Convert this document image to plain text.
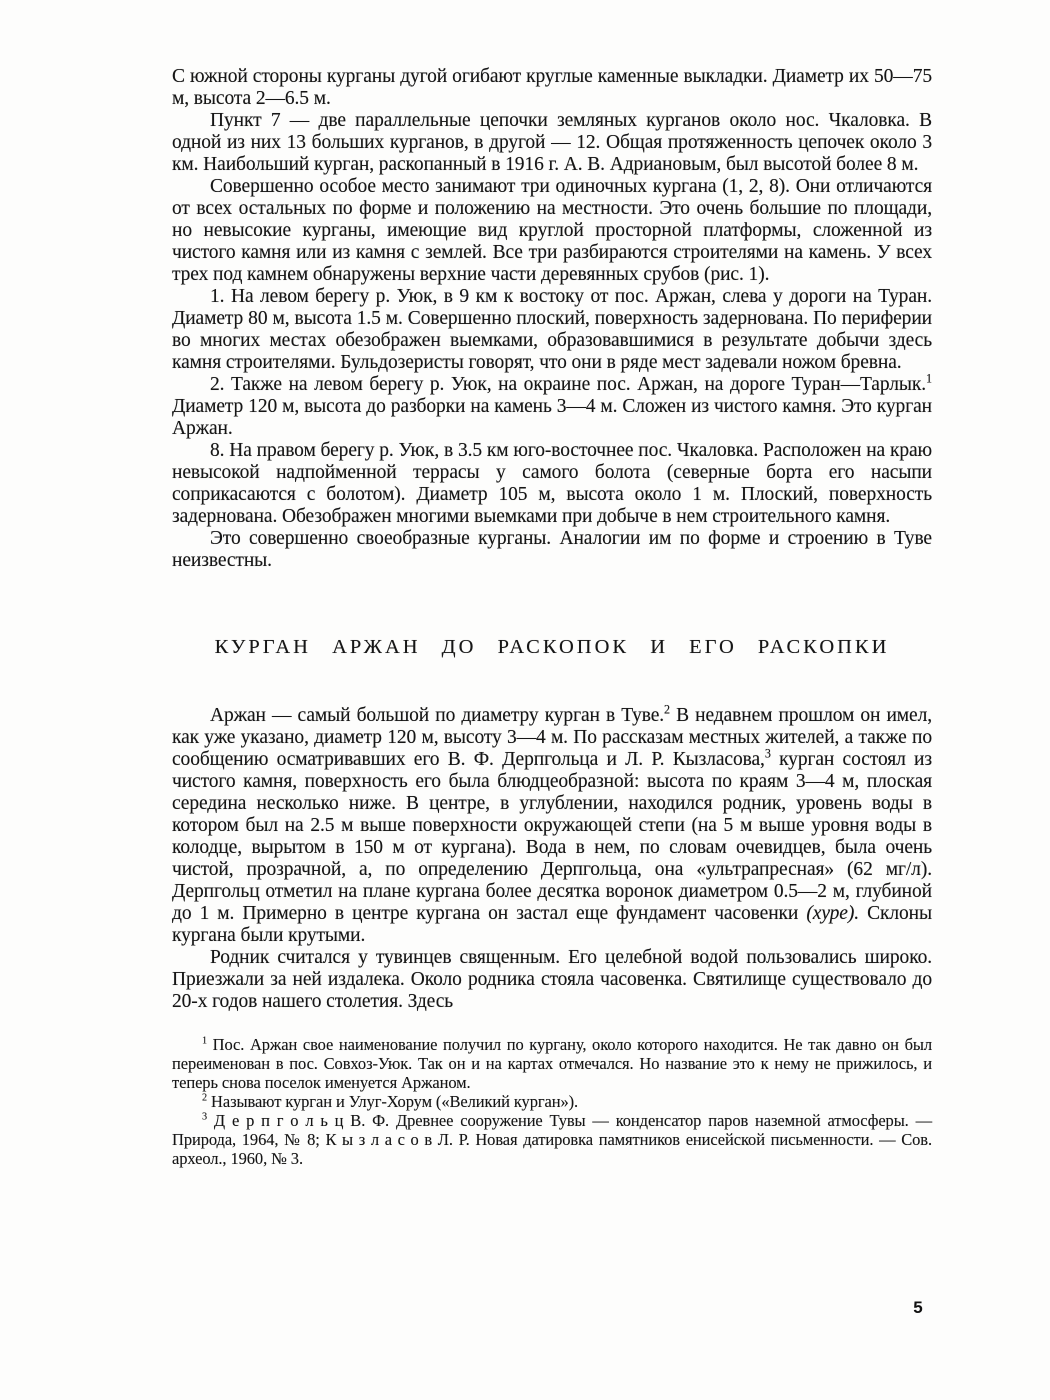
С южной стороны курганы дугой огибают круглые каменные выкладки. Диаметр их 50—75 м, высота 2—6.5 м.

Пункт 7 — две параллельные цепочки земляных курганов около нос. Чкаловка. В одной из них 13 больших курганов, в другой — 12. Общая протяженность цепочек около 3 км. Наибольший курган, раскопанный в 1916 г. А. В. Адриановым, был высотой более 8 м.

Совершенно особое место занимают три одиночных кургана (1, 2, 8). Они отличаются от всех остальных по форме и положению на местности. Это очень большие по площади, но невысокие курганы, имеющие вид круглой просторной платформы, сложенной из чистого камня или из камня с землей. Все три разбираются строителями на камень. У всех трех под камнем обнаружены верхние части деревянных срубов (рис. 1).

1. На левом берегу р. Уюк, в 9 км к востоку от пос. Аржан, слева у дороги на Туран. Диаметр 80 м, высота 1.5 м. Совершенно плоский, поверхность задернована. По периферии во многих местах обезображен выемками, образовавшимися в результате добычи здесь камня строителями. Бульдозеристы говорят, что они в ряде мест задевали ножом бревна.

2. Также на левом берегу р. Уюк, на окраине пос. Аржан, на дороге Туран—Тарлык.$^1$ Диаметр 120 м, высота до разборки на камень 3—4 м. Сложен из чистого камня. Это курган Аржан.

8. На правом берегу р. Уюк, в 3.5 км юго-восточнее пос. Чкаловка. Расположен на краю невысокой надпойменной террасы у самого болота (северные борта его насыпи соприкасаются с болотом). Диаметр 105 м, высота около 1 м. Плоский, поверхность задернована. Обезображен многими выемками при добыче в нем строительного камня.

Это совершенно своеобразные курганы. Аналогии им по форме и строению в Туве неизвестны.

КУРГАН АРЖАН ДО РАСКОПОК И ЕГО РАСКОПКИ

Аржан — самый большой по диаметру курган в Туве.$^2$ В недавнем прошлом он имел, как уже указано, диаметр 120 м, высоту 3—4 м. По рассказам местных жителей, а также по сообщению осматривавших его В. Ф. Дерпгольца и Л. Р. Кызласова,$^3$ курган состоял из чистого камня, поверхность его была блюдцеобразной: высота по краям 3—4 м, плоская середина несколько ниже. В центре, в углублении, находился родник, уровень воды в котором был на 2.5 м выше поверхности окружающей степи (на 5 м выше уровня воды в колодце, вырытом в 150 м от кургана). Вода в нем, по словам очевидцев, была очень чистой, прозрачной, а, по определению Дерпгольца, она «ультрапресная» (62 мг/л). Дерпгольц отметил на плане кургана более десятка воронок диаметром 0.5—2 м, глубиной до 1 м. Примерно в центре кургана он застал еще фундамент часовенки (хуре). Склоны кургана были крутыми.

Родник считался у тувинцев священным. Его целебной водой пользовались широко. Приезжали за ней издалека. Около родника стояла часовенка. Святилище существовало до 20-х годов нашего столетия. Здесь

$^1$ Пос. Аржан свое наименование получил по кургану, около которого находится. Не так давно он был переименован в пос. Совхоз-Уюк. Так он и на картах отмечался. Но название это к нему не прижилось, и теперь снова поселок именуется Аржаном.

$^2$ Называют курган и Улуг-Хорум («Великий курган»).

$^3$ Д е р п г о л ь ц В. Ф. Древнее сооружение Тувы — конденсатор паров наземной атмосферы. — Природа, 1964, № 8; К ы з л а с о в Л. Р. Новая датировка памятников енисейской письменности. — Сов. археол., 1960, № 3.

5
